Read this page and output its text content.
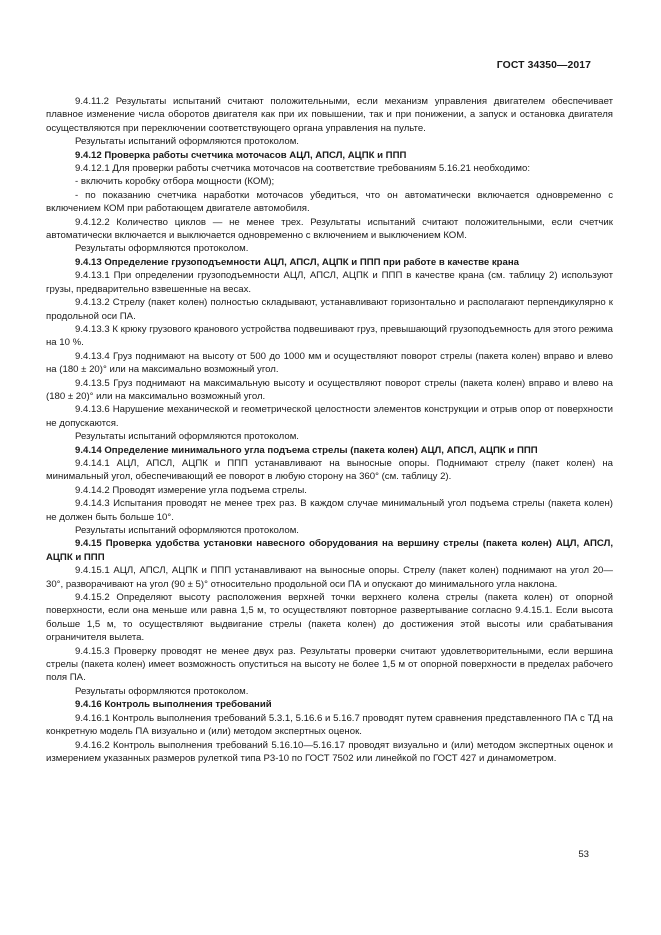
ГОСТ 34350—2017

9.4.11.2 Результаты испытаний считают положительными, если механизм управления двигателем обеспечивает плавное изменение числа оборотов двигателя как при их повышении, так и при понижении, а запуск и остановка двигателя осуществляются при переключении соответствующего органа управления на пульте.

Результаты испытаний оформляются протоколом.

9.4.12 Проверка работы счетчика моточасов АЦЛ, АПСЛ, АЦПК и ППП

9.4.12.1 Для проверки работы счетчика моточасов на соответствие требованиям 5.16.21 необходимо:

- включить коробку отбора мощности (КОМ);

- по показанию счетчика наработки моточасов убедиться, что он автоматически включается одновременно с включением КОМ при работающем двигателе автомобиля.

9.4.12.2 Количество циклов — не менее трех. Результаты испытаний считают положительными, если счетчик автоматически включается и выключается одновременно с включением и выключением КОМ.

Результаты оформляются протоколом.

9.4.13 Определение грузоподъемности АЦЛ, АПСЛ, АЦПК и ППП при работе в качестве крана

9.4.13.1 При определении грузоподъемности АЦЛ, АПСЛ, АЦПК и ППП в качестве крана (см. таблицу 2) используют грузы, предварительно взвешенные на весах.

9.4.13.2 Стрелу (пакет колен) полностью складывают, устанавливают горизонтально и располагают перпендикулярно к продольной оси ПА.

9.4.13.3 К крюку грузового кранового устройства подвешивают груз, превышающий грузоподъемность для этого режима на 10 %.

9.4.13.4 Груз поднимают на высоту от 500 до 1000 мм и осуществляют поворот стрелы (пакета колен) вправо и влево на (180 ± 20)° или на максимально возможный угол.

9.4.13.5 Груз поднимают на максимальную высоту и осуществляют поворот стрелы (пакета колен) вправо и влево на (180 ± 20)° или на максимально возможный угол.

9.4.13.6 Нарушение механической и геометрической целостности элементов конструкции и отрыв опор от поверхности не допускаются.

Результаты испытаний оформляются протоколом.

9.4.14 Определение минимального угла подъема стрелы (пакета колен) АЦЛ, АПСЛ, АЦПК и ППП

9.4.14.1 АЦЛ, АПСЛ, АЦПК и ППП устанавливают на выносные опоры. Поднимают стрелу (пакет колен) на минимальный угол, обеспечивающий ее поворот в любую сторону на 360° (см. таблицу 2).

9.4.14.2 Проводят измерение угла подъема стрелы.

9.4.14.3 Испытания проводят не менее трех раз. В каждом случае минимальный угол подъема стрелы (пакета колен) не должен быть больше 10°.

Результаты испытаний оформляются протоколом.

9.4.15 Проверка удобства установки навесного оборудования на вершину стрелы (пакета колен) АЦЛ, АПСЛ, АЦПК и ППП

9.4.15.1 АЦЛ, АПСЛ, АЦПК и ППП устанавливают на выносные опоры. Стрелу (пакет колен) поднимают на угол 20—30°, разворачивают на угол (90 ± 5)° относительно продольной оси ПА и опускают до минимального угла наклона.

9.4.15.2 Определяют высоту расположения верхней точки верхнего колена стрелы (пакета колен) от опорной поверхности, если она меньше или равна 1,5 м, то осуществляют повторное развертывание согласно 9.4.15.1. Если высота больше 1,5 м, то осуществляют выдвигание стрелы (пакета колен) до достижения этой высоты или срабатывания ограничителя вылета.

9.4.15.3 Проверку проводят не менее двух раз. Результаты проверки считают удовлетворительными, если вершина стрелы (пакета колен) имеет возможность опуститься на высоту не более 1,5 м от опорной поверхности в пределах рабочего поля ПА.

Результаты оформляются протоколом.

9.4.16 Контроль выполнения требований

9.4.16.1 Контроль выполнения требований 5.3.1, 5.16.6 и 5.16.7 проводят путем сравнения представленного ПА с ТД на конкретную модель ПА визуально и (или) методом экспертных оценок.

9.4.16.2 Контроль выполнения требований 5.16.10—5.16.17 проводят визуально и (или) методом экспертных оценок и измерением указанных размеров рулеткой типа Р3-10 по ГОСТ 7502 или линейкой по ГОСТ 427 и динамометром.

53
